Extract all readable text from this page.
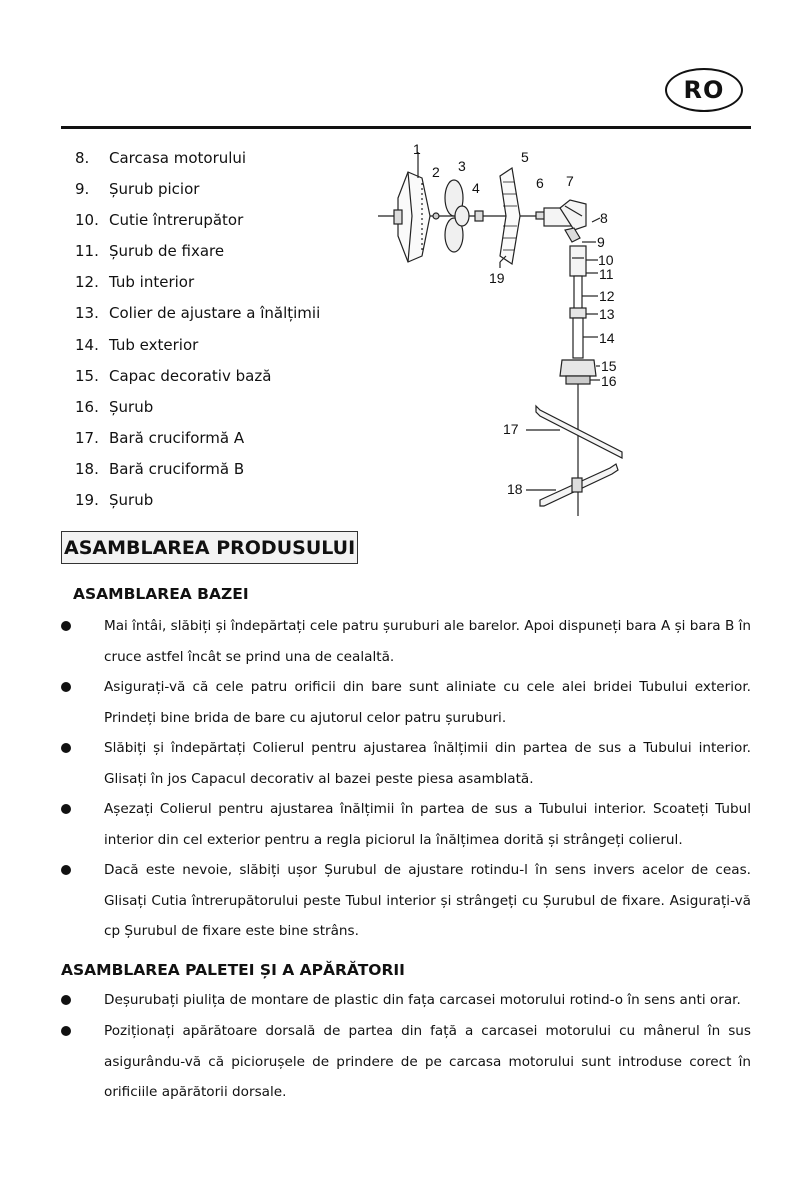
RO
8.	Carcasa motorului
9.	Șurub picior
10. Cutie întrerupător
11. Șurub de fixare
12. Tub interior
13. Colier de ajustare a înălțimii
14. Tub exterior
15. Capac decorativ bază
16. Șurub
17. Bară cruciformă A
18. Bară cruciformă B
19. Șurub
1
2 3
4
5
6 7
8
9
10
11
12
13
14
15
16
17
18
19
ASAMBLAREA PRODUSULUI
ASAMBLAREA BAZEI
Mai întâi, slăbiți și îndepărtați cele patru șuruburi ale barelor. Apoi dispuneți bara A și bara B în cruce astfel încât se prind una de cealaltă.
Asigurați-vă că cele patru orificii din bare sunt aliniate cu cele alei bridei Tubului exterior. Prindeți bine brida de bare cu ajutorul celor patru șuruburi.
Slăbiți și îndepărtați Colierul pentru ajustarea înălțimii din partea de sus a Tubului interior. Glisați în jos Capacul decorativ al bazei peste piesa asamblată.
Așezați Colierul pentru ajustarea înălțimii în partea de sus a Tubului interior. Scoateți Tubul interior din cel exterior pentru a regla piciorul la înălțimea dorită și strângeți colierul.
Dacă este nevoie, slăbiți ușor Șurubul de ajustare rotindu-l în sens invers acelor de ceas. Glisați Cutia întrerupătorului peste Tubul interior și strângeți cu Șurubul de fixare. Asigurați-vă cp Șurubul de fixare este bine strâns.
ASAMBLAREA PALETEI ȘI A APĂRĂTORII
Deșurubați piulița de montare de plastic din fața carcasei motorului rotind-o în sens anti orar.
Poziționați apărătoare dorsală de partea din față a carcasei motorului cu mânerul în sus asigurându-vă că piciorușele de prindere de pe carcasa motorului sunt introduse corect în orificiile apărătorii dorsale.
